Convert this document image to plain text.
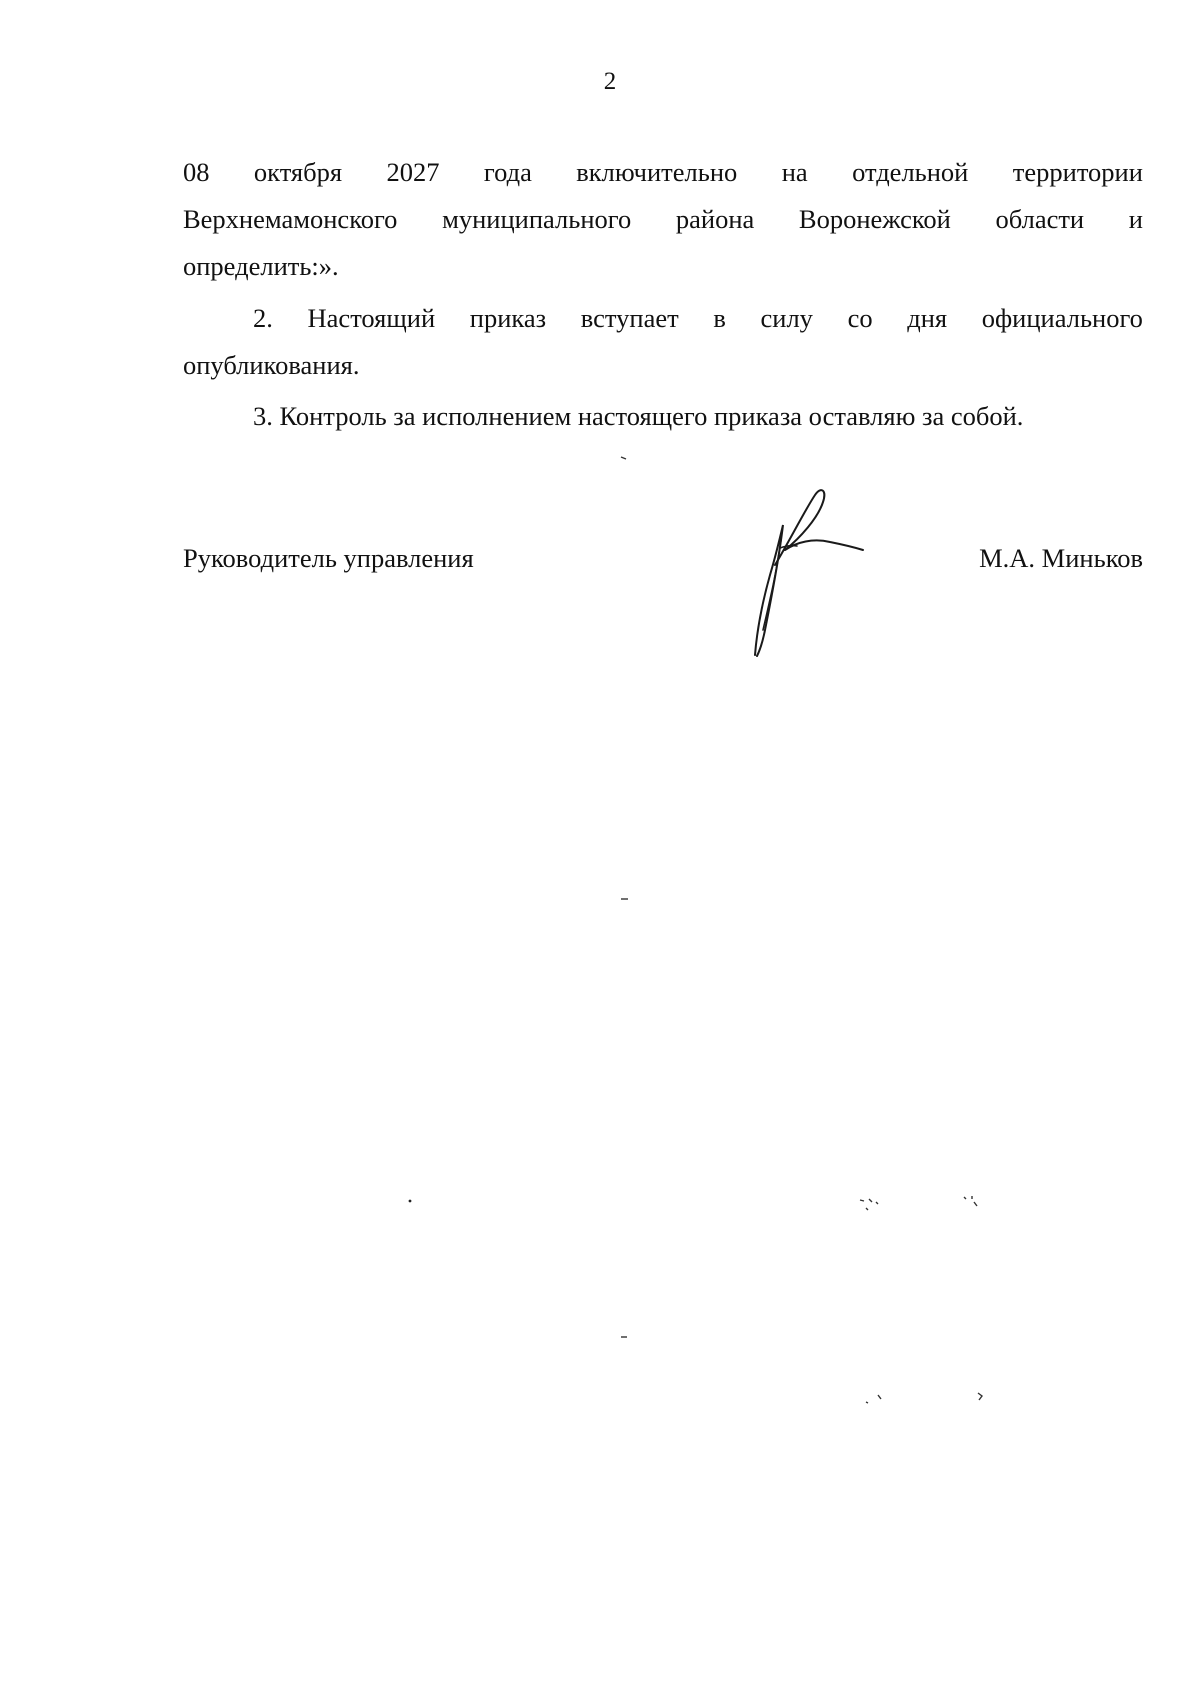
2
08 октября 2027 года включительно на отдельной территории
Верхнемамонского муниципального района Воронежской области и
определить:».
2. Настоящий приказ вступает в силу со дня официального
опубликования.
3. Контроль за исполнением настоящего приказа оставляю за собой.
Руководитель управления	М.А. Миньков
